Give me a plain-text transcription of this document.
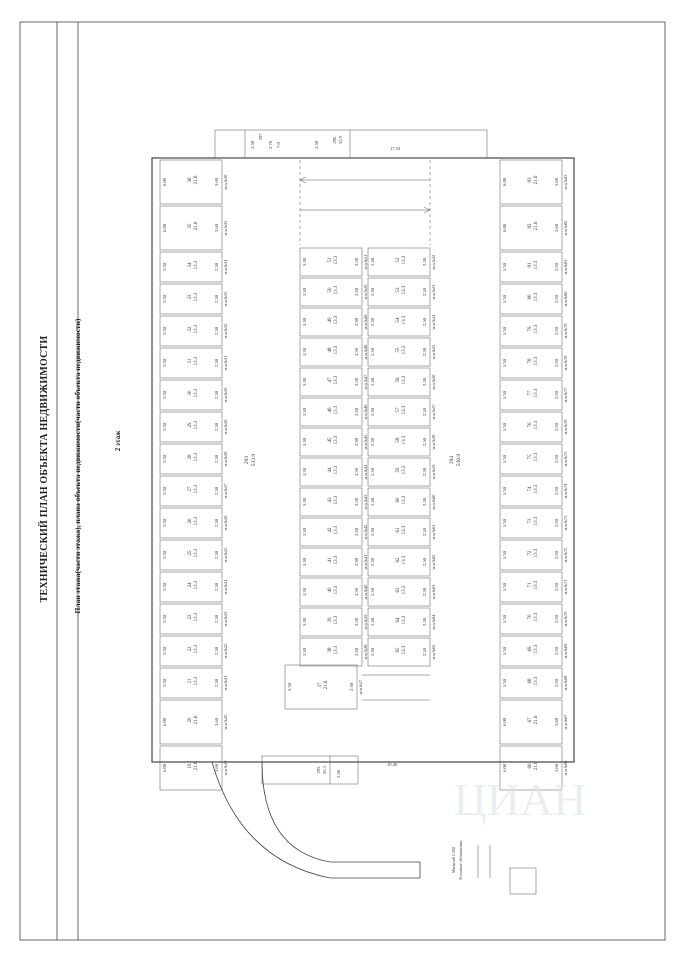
297
2.50	2.70 7.0	2.50
296 35.9
17.33
36 21.6
6.00	3.60 м.м.№36
35 21.6
6.00	3.60 м.м.№35
34 13.3
5.30	2.50 м.м.№34
33 13.3
5.30	2.50 м.м.№33
32 13.3
5.30	2.50 м.м.№32
31 13.3
5.30	2.50 м.м.№31
30 13.3
5.30	2.50 м.м.№30
29 13.3
5.30	2.50 м.м.№29
28 13.3
5.30	2.50 м.м.№28
27 13.3
5.30	2.50 м.м.№27
26 13.3
5.30	2.50 м.м.№26
25 13.3
5.30	2.50 м.м.№25
24 13.3
5.30	2.50 м.м.№24
23 13.3
5.30	2.50 м.м.№23
22 13.3
5.30	2.50 м.м.№22
21 13.3
5.30	2.50 м.м.№21
20 21.6
6.00	3.60 м.м.№20
19 21.6
6.00	3.60 м.м.№19
83 21.6
6.00	3.60 м.м.№83
82 21.6
6.00	3.60 м.м.№82
81 13.3
5.30	2.50 м.м.№81
80 13.3
5.30	2.50 м.м.№80
79 13.3
5.30	2.50 м.м.№79
78 13.3
5.30	2.50 м.м.№78
77 13.3
5.30	2.50 м.м.№77
76 13.3
5.30	2.50 м.м.№76
75 13.3
5.30	2.50 м.м.№75
74 13.3
5.30	2.50 м.м.№74
73 13.3
5.30	2.50 м.м.№73
72 13.3
5.30	2.50 м.м.№72
71 13.3
5.30	2.50 м.м.№71
70 13.3
5.30	2.50 м.м.№70
69 13.3
5.30	2.50 м.м.№69
68 13.3
5.30	2.50 м.м.№68
67 21.6
6.00	3.60 м.м.№67
66 21.6
6.00	3.60 м.м.№66
51 13.3
5.30	2.50 м.м.№51	52 13.3
5.30	2.50 м.м.№52
50 13.3
5.30	2.50 м.м.№50	53 13.3
5.30	2.50 м.м.№53
49 13.3
5.30	2.50 м.м.№49	54 13.3
5.30	2.50 м.м.№54
48 13.3
5.30	2.50 м.м.№48	55 13.3
5.30	2.50 м.м.№55
47 13.3
5.30	2.50 м.м.№47	56 13.3
5.30	2.50 м.м.№56
46 13.3
5.30	2.50 м.м.№46	57 13.3
5.30	2.50 м.м.№57
45 13.3
5.30	2.50 м.м.№45	58 13.3
5.30	2.50 м.м.№58
44 13.3
5.30	2.50 м.м.№44	59 13.3
5.30	2.50 м.м.№59
43 13.3
5.30	2.50 м.м.№43	60 13.3
5.30	2.50 м.м.№60
42 13.3
5.30	2.50 м.м.№42	61 13.3
5.30	2.50 м.м.№61
41 13.3
5.30	2.50 м.м.№41	62 13.3
5.30	2.50 м.м.№62
40 13.3
5.30	2.50 м.м.№40	63 13.3
5.30	2.50 м.м.№63
39 13.3
5.30	2.50 м.м.№39	64 13.3
5.30	2.50 м.м.№64
38 13.3
5.30	2.50 м.м.№38	65 13.3
5.30	2.50 м.м.№65
37 21.6
5.30	2.50 м.м.№37
293 533.9	294 530.9
295 36.3
2.50
19.49
Масштаб 1:200 Условные обозначения:
ЦИАН
ТЕХНИЧЕСКИЙ ПЛАН ОБЪЕКТА НЕДВИЖИМОСТИ	План этажа(части этажа), плана объекта недвижимости(части объекта недвижимости)	2 этаж
